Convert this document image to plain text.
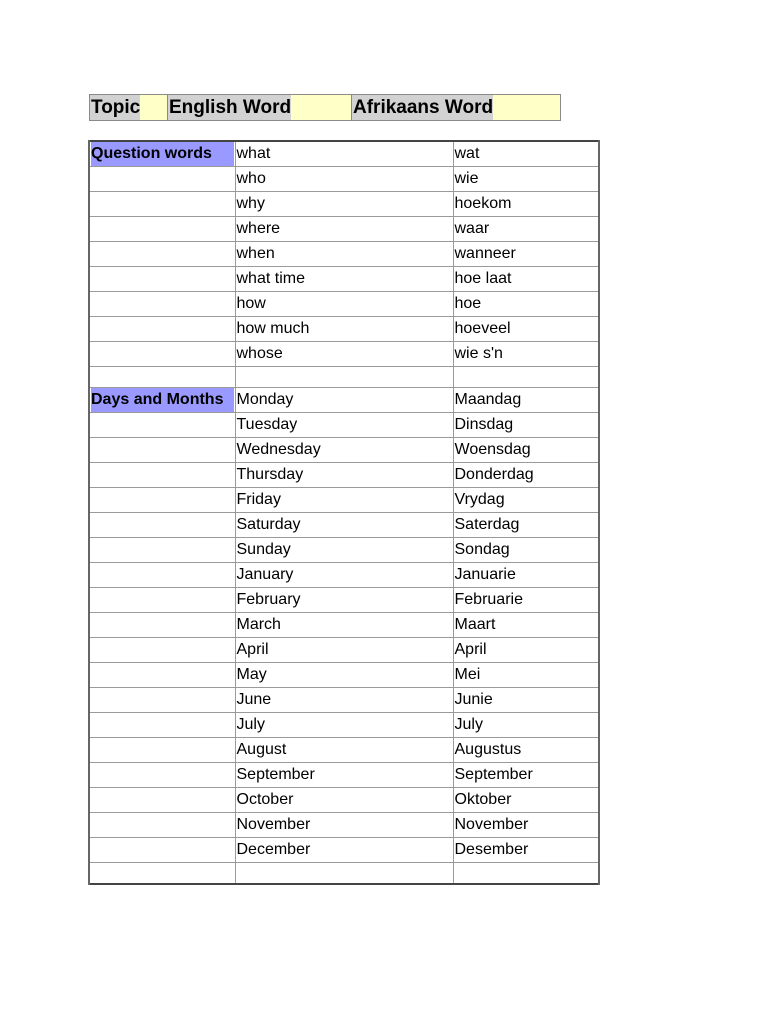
Topic	English Word	Afrikaans Word
Question words	what	wat
	who	wie
	why	hoekom
	where	waar
	when	wanneer
	what time	hoe laat
	how	hoe
	how much	hoeveel
	whose	wie s'n

Days and Months	Monday	Maandag
	Tuesday	Dinsdag
	Wednesday	Woensdag
	Thursday	Donderdag
	Friday	Vrydag
	Saturday	Saterdag
	Sunday	Sondag
	January	Januarie
	February	Februarie
	March	Maart
	April	April
	May	Mei
	June	Junie
	July	July
	August	Augustus
	September	September
	October	Oktober
	November	November
	December	Desember
